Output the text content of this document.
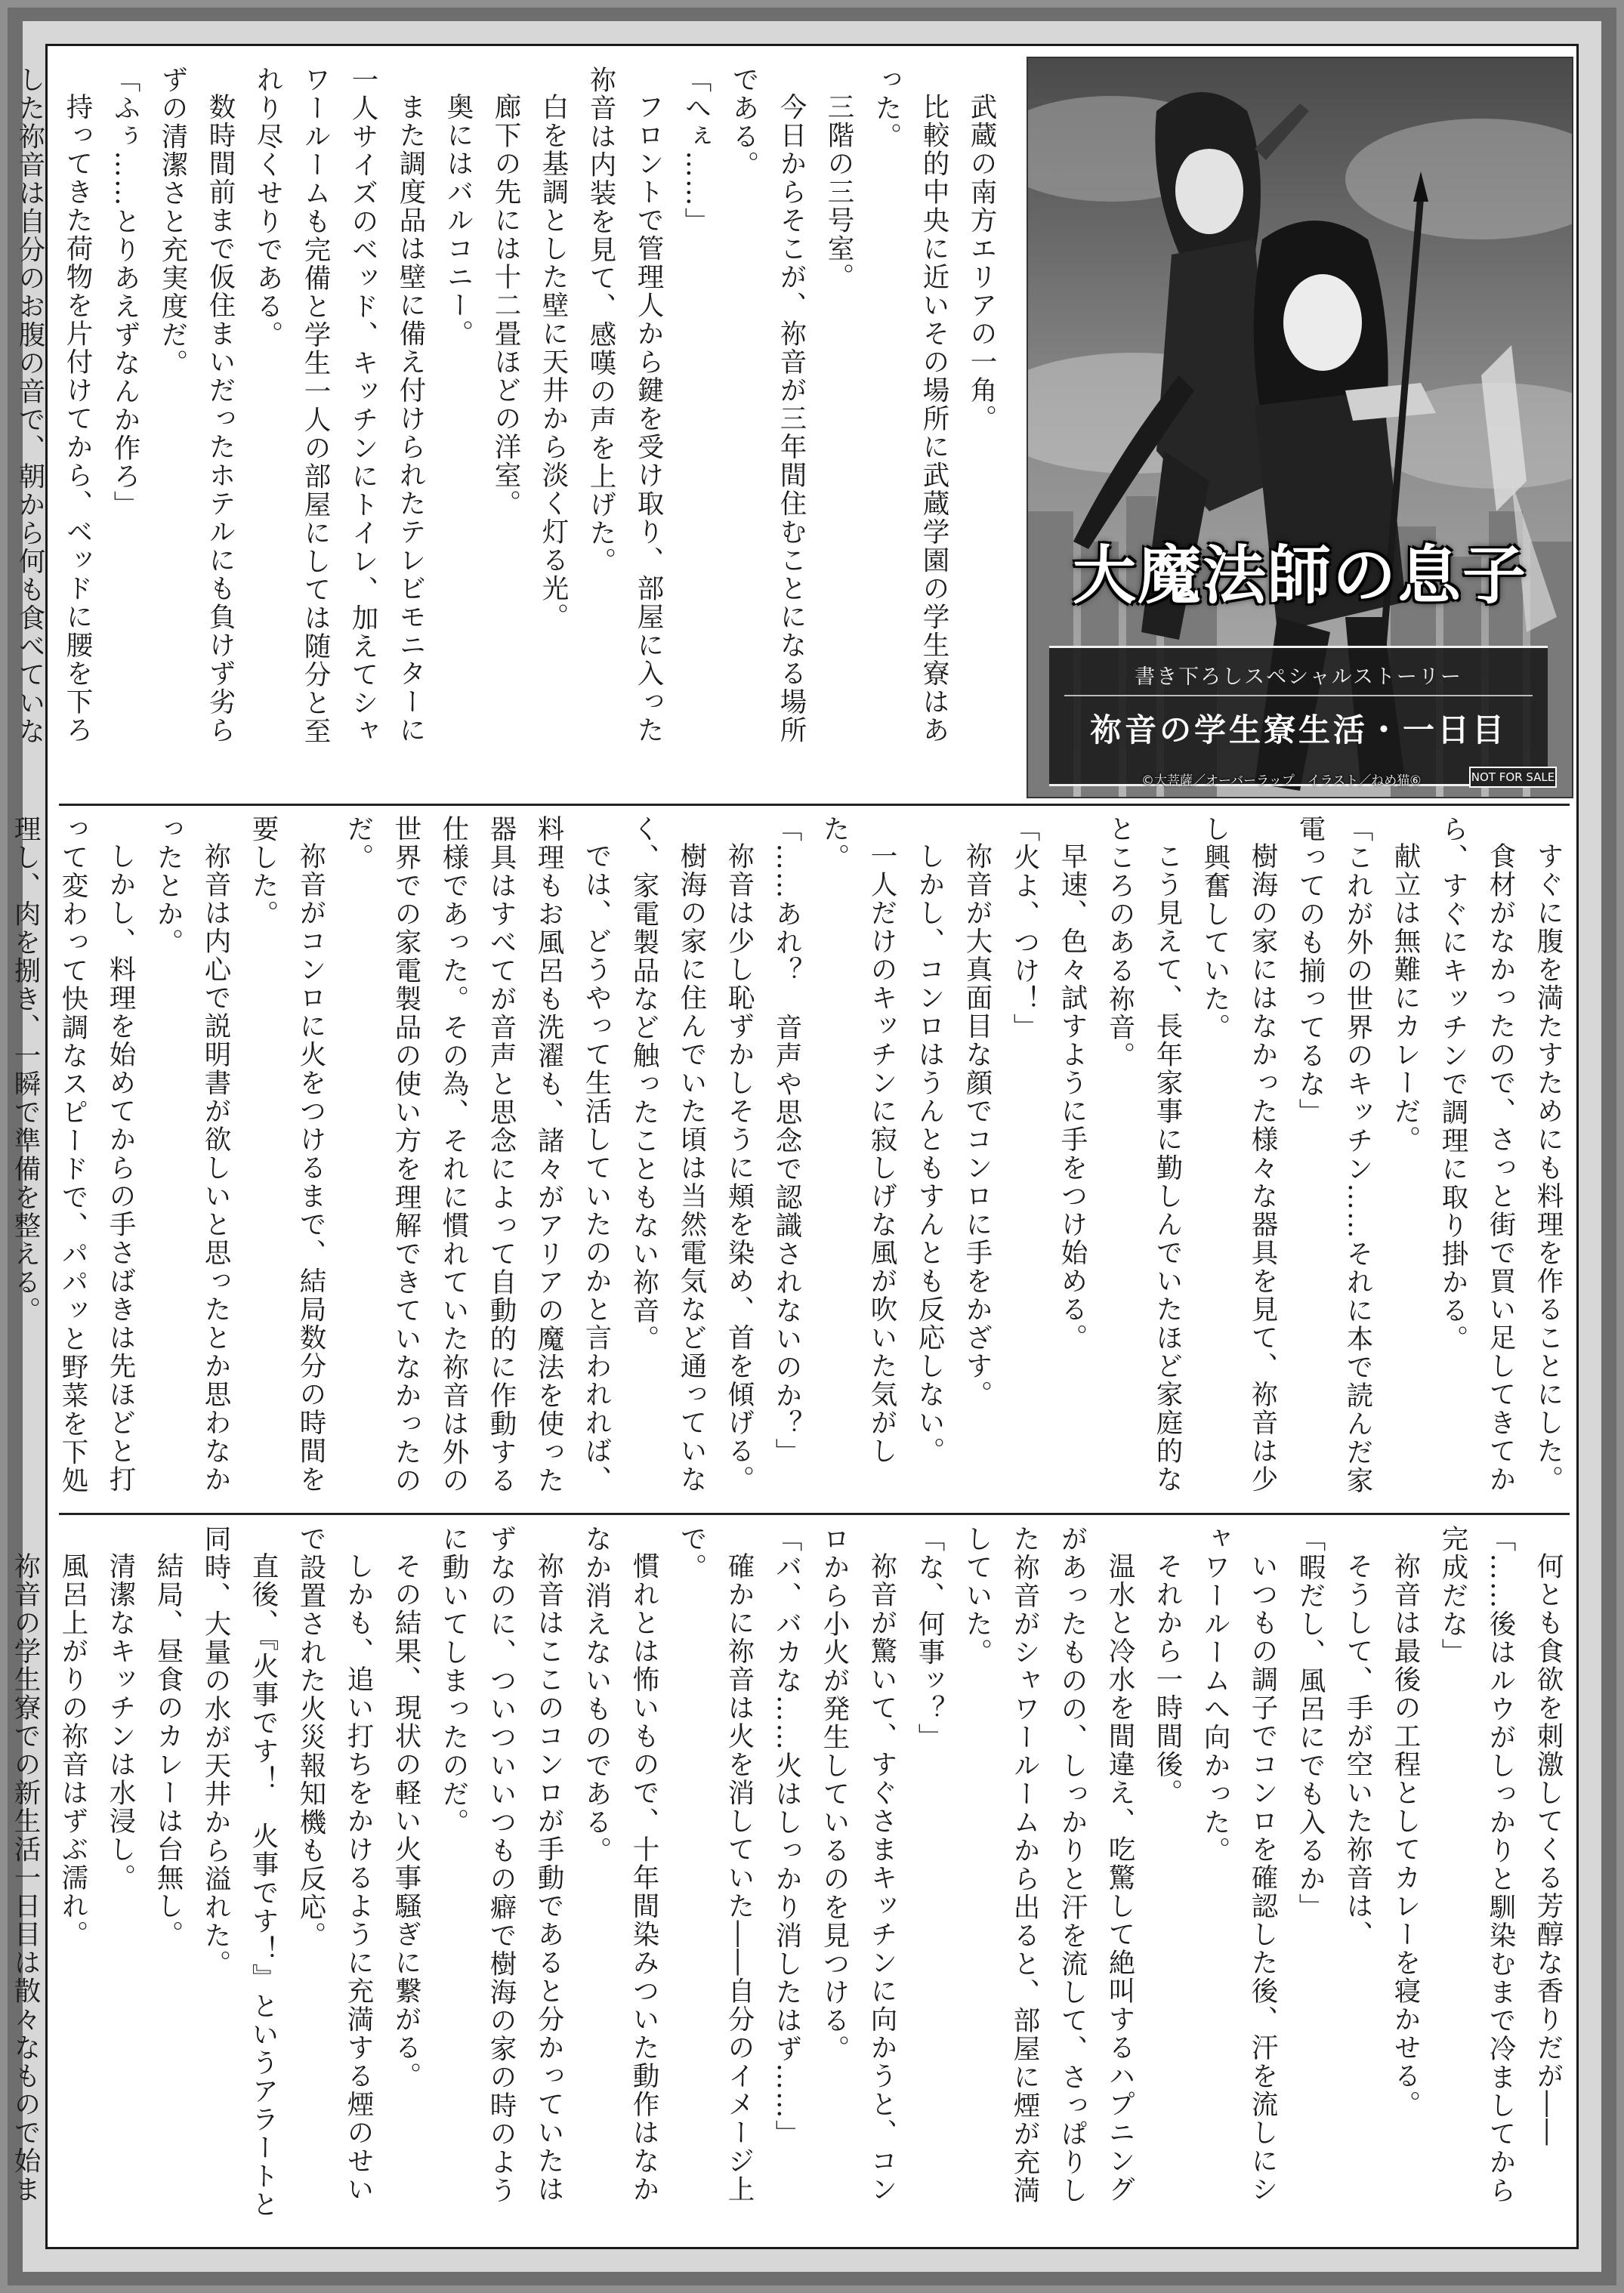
武蔵の南方エリアの一角。

比較的中央に近いその場所に武蔵学園の学生寮はあった。

三階の三号室。

今日からそこが、祢音が三年間住むことになる場所である。

「へぇ……」

フロントで管理人から鍵を受け取り、部屋に入った祢音は内装を見て、感嘆の声を上げた。

白を基調とした壁に天井から淡く灯る光。

廊下の先には十二畳ほどの洋室。

奥にはバルコニー。

また調度品は壁に備え付けられたテレビモニターに一人サイズのベッド、キッチンにトイレ、加えてシャワールームも完備と学生一人の部屋にしては随分と至れり尽くせりである。

数時間前まで仮住まいだったホテルにも負けず劣らずの清潔さと充実度だ。

「ふぅ……とりあえずなんか作ろ」

持ってきた荷物を片付けてから、ベッドに腰を下ろした祢音は自分のお腹の音で、朝から何も食べていな

大魔法師の息子
書き下ろしスペシャルストーリー
祢音の学生寮生活・一日目
©大菩薩／オーバーラップ　イラスト／ねめ猫⑥	NOT FOR SALE

すぐに腹を満たすためにも料理を作ることにした。

食材がなかったので、さっと街で買い足してきてから、すぐにキッチンで調理に取り掛かる。

献立は無難にカレーだ。

「これが外の世界のキッチン……それに本で読んだ家電ってのも揃ってるな」

樹海の家にはなかった様々な器具を見て、祢音は少し興奮していた。

こう見えて、長年家事に勤しんでいたほど家庭的なところのある祢音。

早速、色々試すように手をつけ始める。

「火よ、つけ！」

祢音が大真面目な顔でコンロに手をかざす。

しかし、コンロはうんともすんとも反応しない。

一人だけのキッチンに寂しげな風が吹いた気がした。

「……あれ？　音声や思念で認識されないのか？」

祢音は少し恥ずかしそうに頬を染め、首を傾げる。

樹海の家に住んでいた頃は当然電気など通っていなく、家電製品など触ったこともない祢音。

では、どうやって生活していたのかと言われれば、料理もお風呂も洗濯も、諸々がアリアの魔法を使った器具はすべてが音声と思念によって自動的に作動する仕様であった。その為、それに慣れていた祢音は外の世界での家電製品の使い方を理解できていなかったのだ。

祢音がコンロに火をつけるまで、結局数分の時間を要した。

祢音は内心で説明書が欲しいと思ったとか思わなかったとか。

しかし、料理を始めてからの手さばきは先ほどと打って変わって快調なスピードで、パパッと野菜を下処理し、肉を捌き、一瞬で準備を整える。

何とも食欲を刺激してくる芳醇な香りだが――

「……後はルウがしっかりと馴染むまで冷ましてから完成だな」

祢音は最後の工程としてカレーを寝かせる。

そうして、手が空いた祢音は、

「暇だし、風呂にでも入るか」

いつもの調子でコンロを確認した後、汗を流しにシャワールームへ向かった。

それから一時間後。

温水と冷水を間違え、吃驚して絶叫するハプニングがあったものの、しっかりと汗を流して、さっぱりした祢音がシャワールームから出ると、部屋に煙が充満していた。

「な、何事ッ？」

祢音が驚いて、すぐさまキッチンに向かうと、コンロから小火が発生しているのを見つける。

「バ、バカな……火はしっかり消したはず……」

確かに祢音は火を消していた――自分のイメージ上で。

慣れとは怖いもので、十年間染みついた動作はなかなか消えないものである。

祢音はここのコンロが手動であると分かっていたはずなのに、ついついいつもの癖で樹海の家の時のように動いてしまったのだ。

その結果、現状の軽い火事騒ぎに繋がる。

しかも、追い打ちをかけるように充満する煙のせいで設置された火災報知機も反応。

直後、『火事です！　火事です！』というアラートと同時、大量の水が天井から溢れた。

結局、昼食のカレーは台無し。

清潔なキッチンは水浸し。

風呂上がりの祢音はずぶ濡れ。

祢音の学生寮での新生活一日目は散々なもので始ま
